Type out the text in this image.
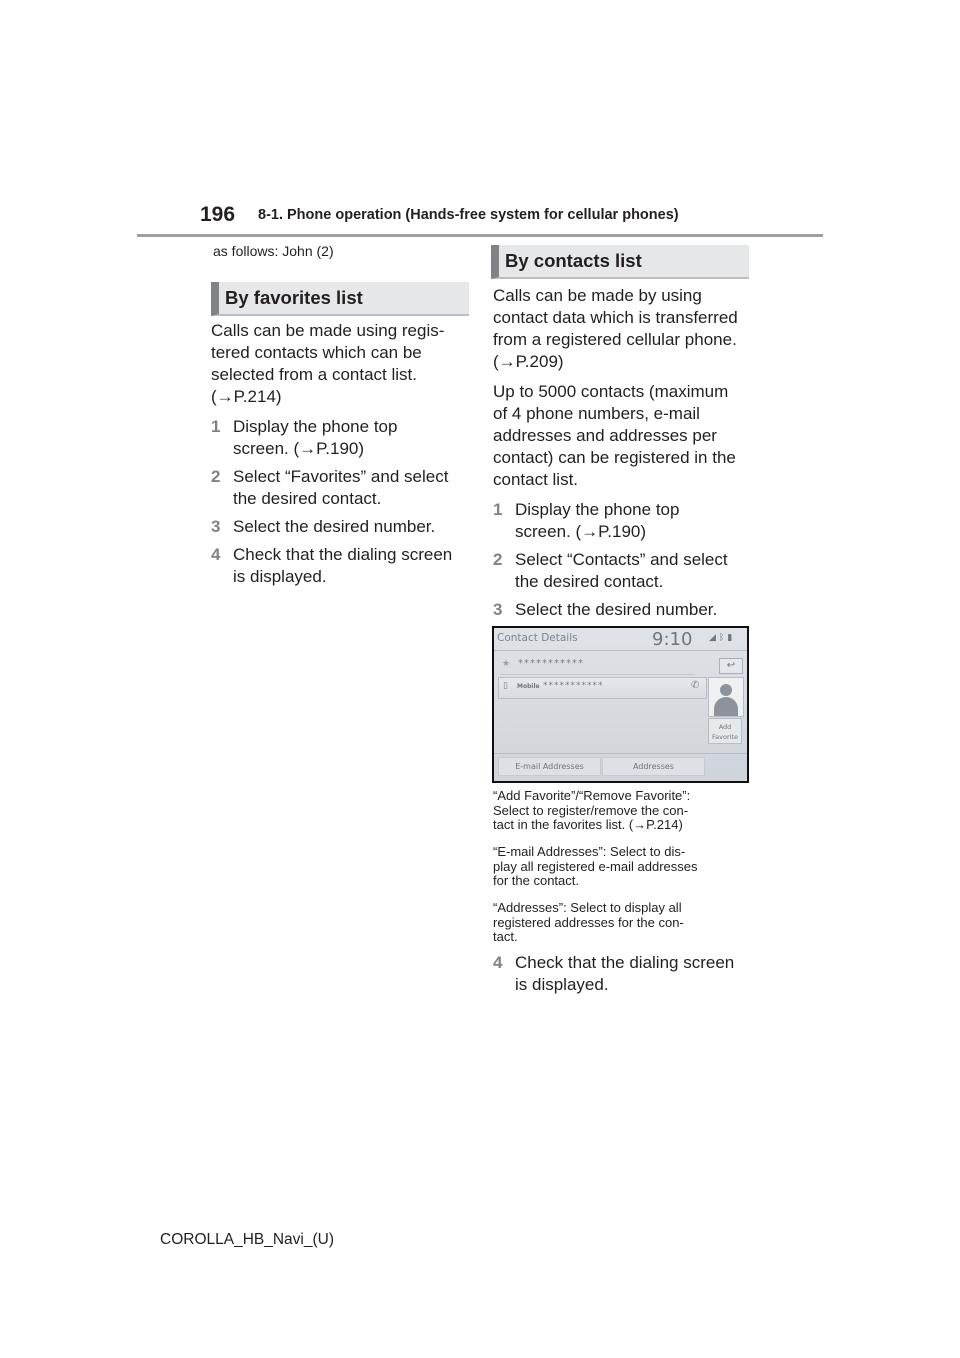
196 8-1. Phone operation (Hands-free system for cellular phones)
as follows: John (2)
By favorites list
Calls can be made using regis-
tered contacts which can be
selected from a contact list.
(→P.214)
1 Display the phone top
screen. (→P.190)
2 Select “Favorites” and select
the desired contact.
3 Select the desired number.
4 Check that the dialing screen
is displayed.
By contacts list
Calls can be made by using
contact data which is transferred
from a registered cellular phone.
(→P.209)
Up to 5000 contacts (maximum
of 4 phone numbers, e-mail
addresses and addresses per
contact) can be registered in the
contact list.
1 Display the phone top
screen. (→P.190)
2 Select “Contacts” and select
the desired contact.
3 Select the desired number.
Contact Details	9:10 ◢ᛒ▮
★ ***********	↩
▯ Mobile ***********	✆
Add
Favorite
E-mail Addresses	Addresses
“Add Favorite”/“Remove Favorite”:
Select to register/remove the con-
tact in the favorites list. (→P.214)
“E-mail Addresses”: Select to dis-
play all registered e-mail addresses
for the contact.
“Addresses”: Select to display all
registered addresses for the con-
tact.
4 Check that the dialing screen
is displayed.
COROLLA_HB_Navi_(U)
